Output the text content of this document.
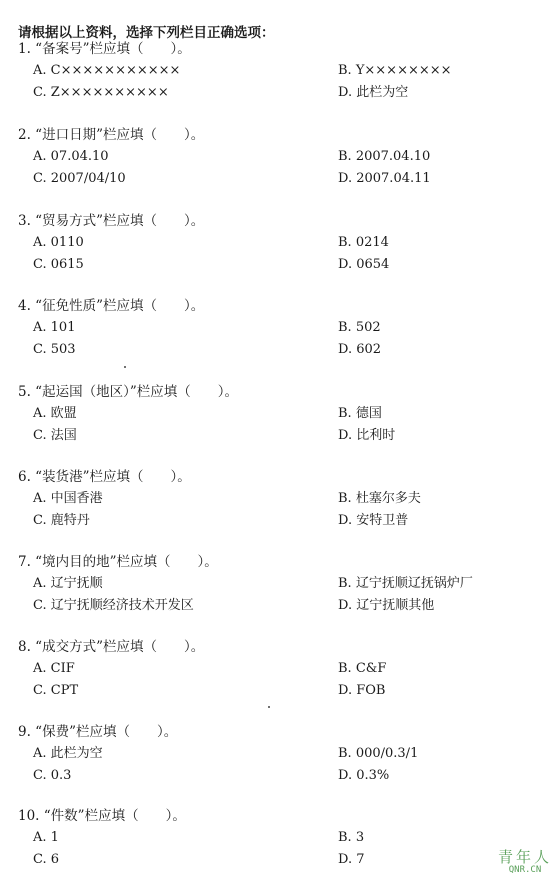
请根据以上资料，选择下列栏目正确选项：
1. “备案号”栏应填（　　）。
A. C×××××××××××	B. Y××××××××
C. Z××××××××××	D. 此栏为空
2. “进口日期”栏应填（　　）。
A. 07.04.10	B. 2007.04.10
C. 2007/04/10	D. 2007.04.11
3. “贸易方式”栏应填（　　）。
A. 0110	B. 0214
C. 0615	D. 0654
4. “征免性质”栏应填（　　）。
A. 101	B. 502
C. 503	D. 602
5. “起运国（地区）”栏应填（　　）。
A. 欧盟	B. 德国
C. 法国	D. 比利时
6. “装货港”栏应填（　　）。
A. 中国香港	B. 杜塞尔多夫
C. 鹿特丹	D. 安特卫普
7. “境内目的地”栏应填（　　）。
A. 辽宁抚顺	B. 辽宁抚顺辽抚锅炉厂
C. 辽宁抚顺经济技术开发区	D. 辽宁抚顺其他
8. “成交方式”栏应填（　　）。
A. CIF	B. C&F
C. CPT	D. FOB
9. “保费”栏应填（　　）。
A. 此栏为空	B. 000/0.3/1
C. 0.3	D. 0.3%
10. “件数”栏应填（　　）。
A. 1	B. 3
C. 6	D. 7	青年人
QNR.CN
